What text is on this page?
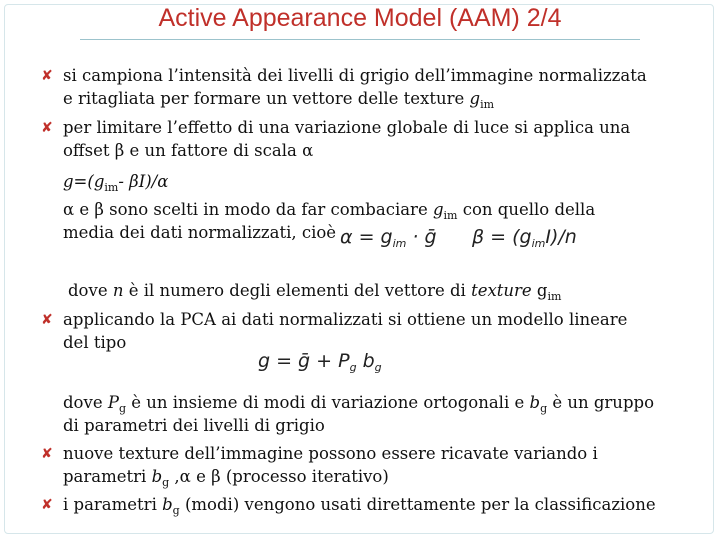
Active Appearance Model (AAM) 2/4
✘ si campiona l’intensità dei livelli di grigio dell’immagine normalizzata
e ritagliata per formare un vettore delle texture $g_{im}$
✘ per limitare l’effetto di una variazione globale di luce si applica una
offset β e un fattore di scala α
$g=(g_{im}-$ βI)/α
α e β sono scelti in modo da far combaciare $g_{im}$ con quello della
media dei dati normalizzati, cioè $\alpha = g_{im}$ · ḡ $\beta = (g_{im}I)/n$
dove n è il numero degli elementi del vettore di texture $g_{im}$
✘ applicando la PCA ai dati normalizzati si ottiene un modello lineare
del tipo
g = ḡ + $P_g$ $b_g$
dove $P_g$ è un insieme di modi di variazione ortogonali e $b_g$ è un gruppo
di parametri dei livelli di grigio
✘ nuove texture dell’immagine possono essere ricavate variando i
parametri $b_g$ ,α e β (processo iterativo)
✘ i parametri $b_g$ (modi) vengono usati direttamente per la classificazione
